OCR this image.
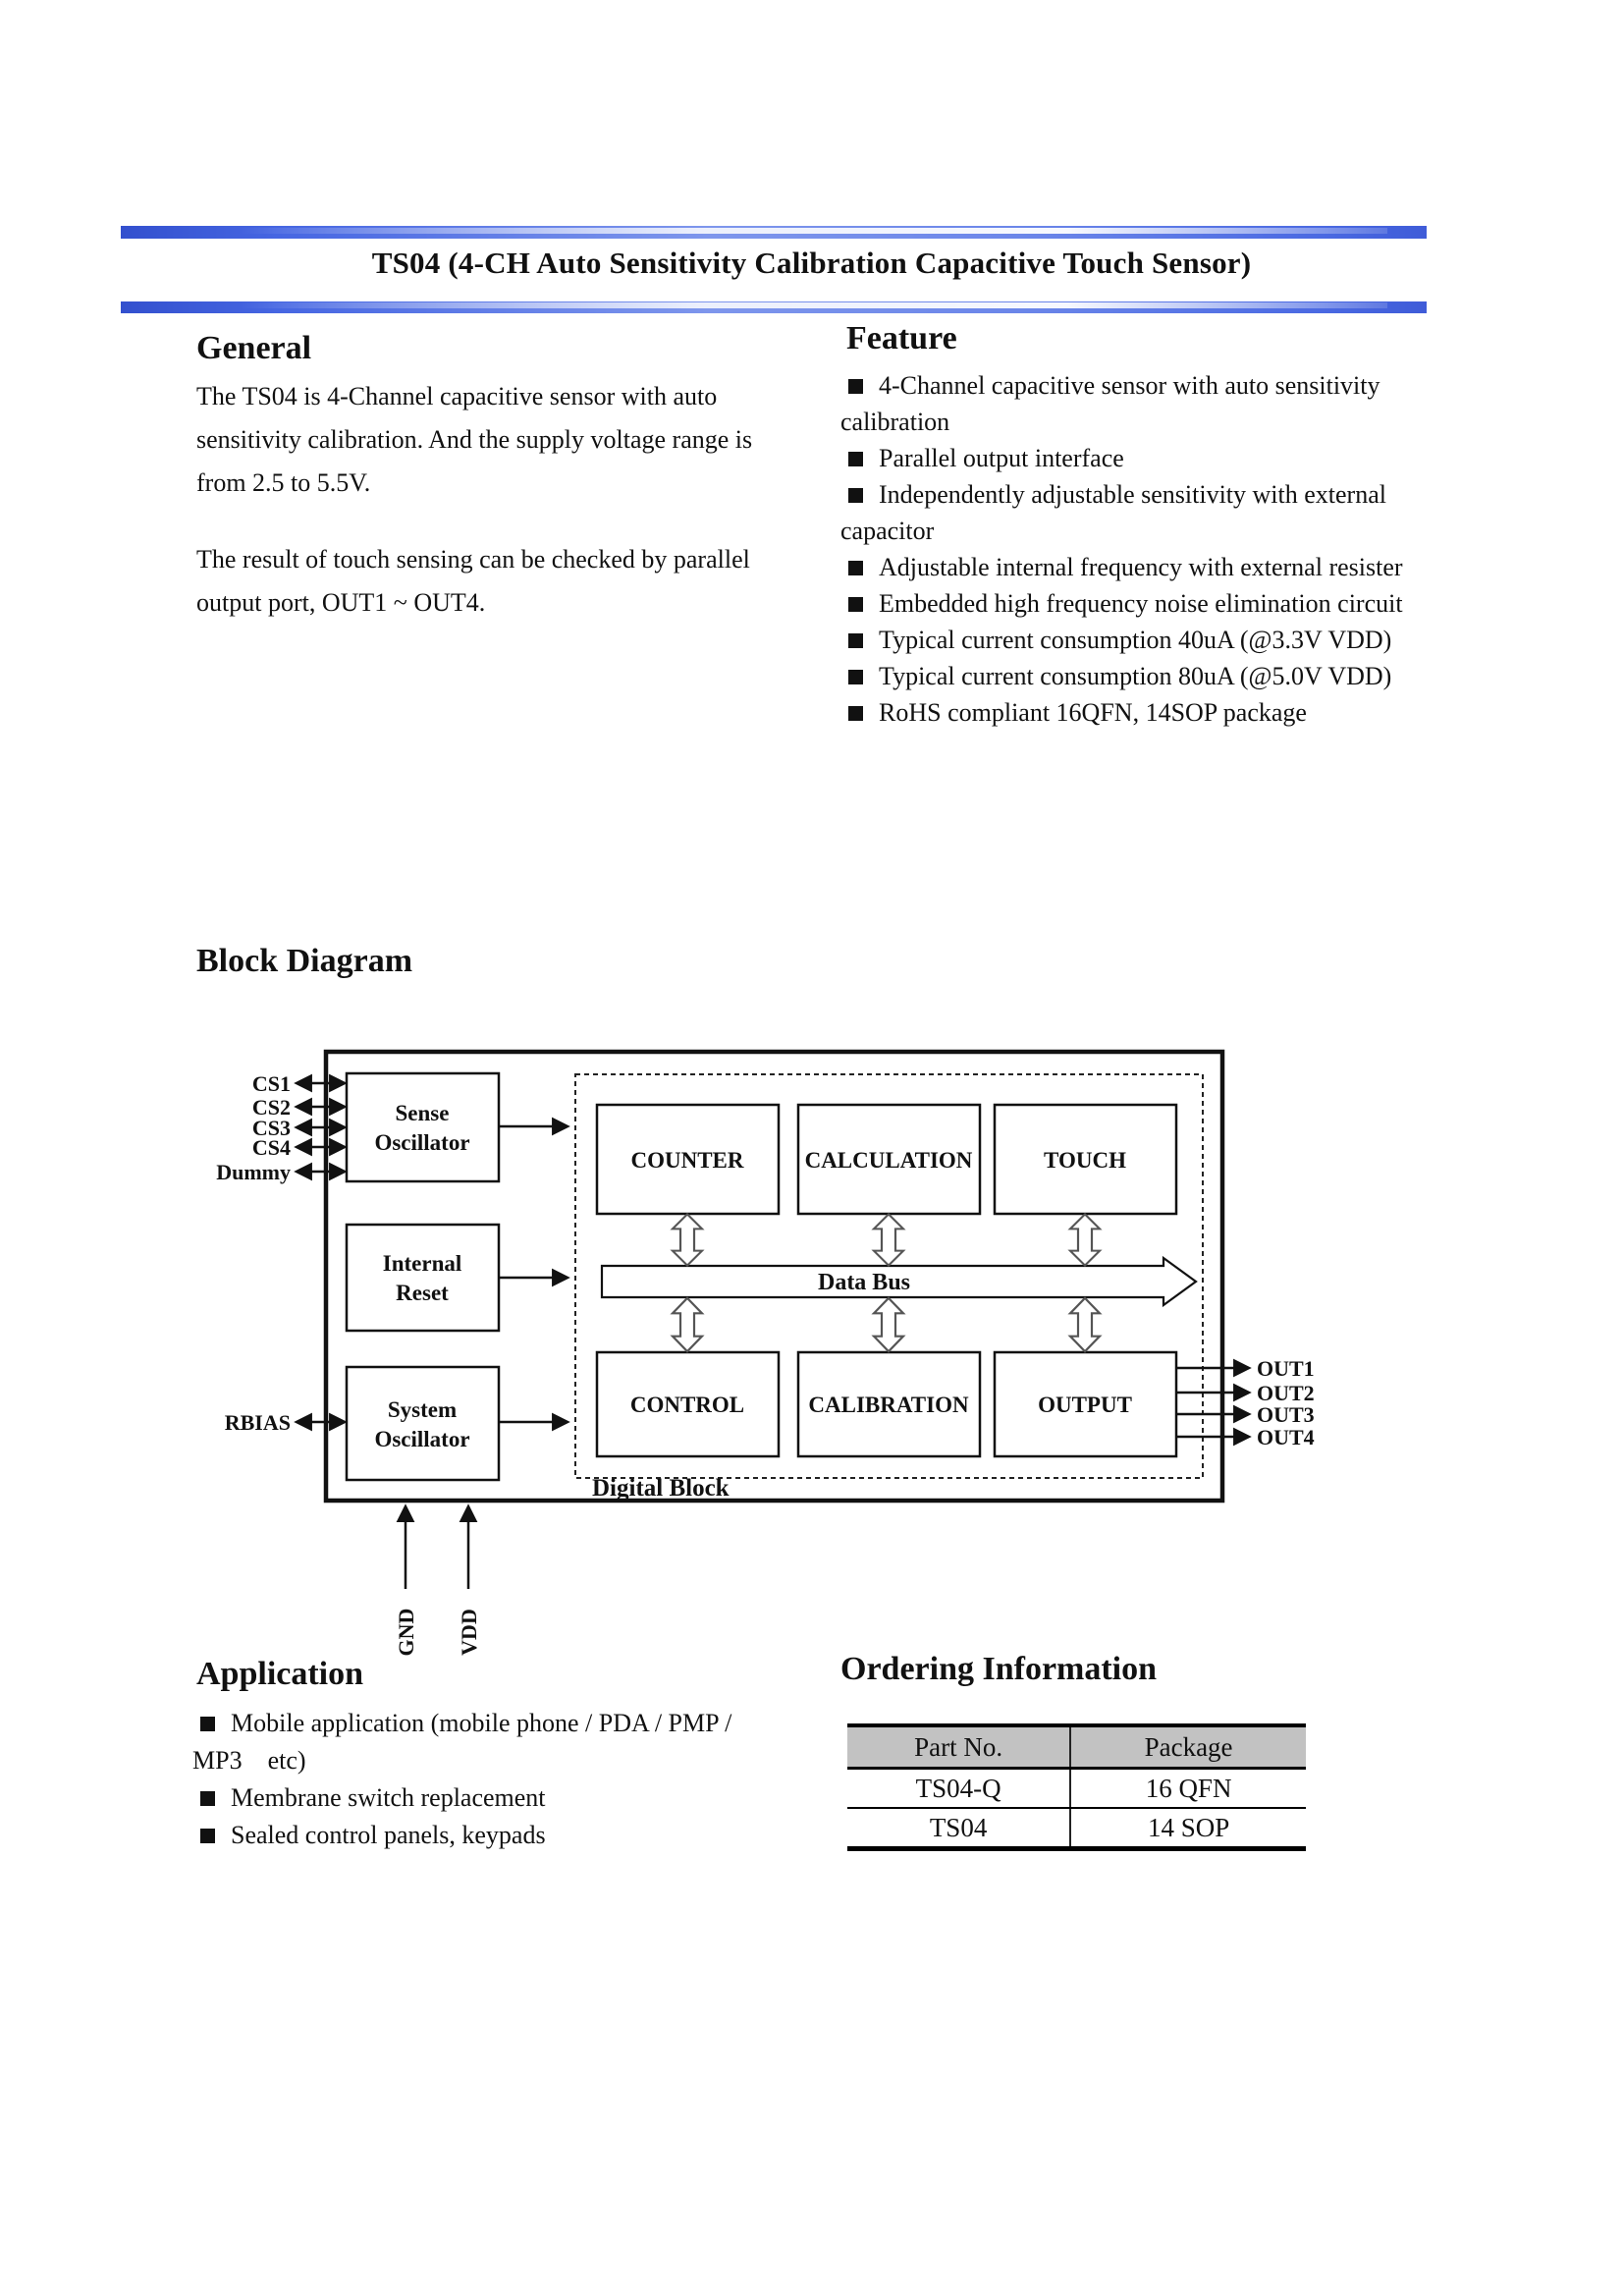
TS04 (4-CH Auto Sensitivity Calibration Capacitive Touch Sensor)
General
The TS04 is 4-Channel capacitive sensor with auto sensitivity calibration. And the supply voltage range is from 2.5 to 5.5V.
The result of touch sensing can be checked by parallel output port, OUT1 ~ OUT4.
Feature
4-Channel capacitive sensor with auto sensitivity calibration
Parallel output interface
Independently adjustable sensitivity with external capacitor
Adjustable internal frequency with external resister
Embedded high frequency noise elimination circuit
Typical current consumption 40uA (@3.3V VDD)
Typical current consumption 80uA (@5.0V VDD)
RoHS compliant 16QFN, 14SOP package
Block Diagram
Sense Oscillator
Internal Reset
System Oscillator
COUNTER	CALCULATION	TOUCH
Data Bus
CONTROL	CALIBRATION	OUTPUT
CS1
CS2
CS3
CS4
Dummy
RBIAS
OUT1
OUT2
OUT3
OUT4
GND VDD
Digital Block
Application
Mobile application (mobile phone / PDA / PMP / MP3    etc)
Membrane switch replacement
Sealed control panels, keypads
Ordering Information
Part No.	Package
TS04-Q	16 QFN
TS04	14 SOP
